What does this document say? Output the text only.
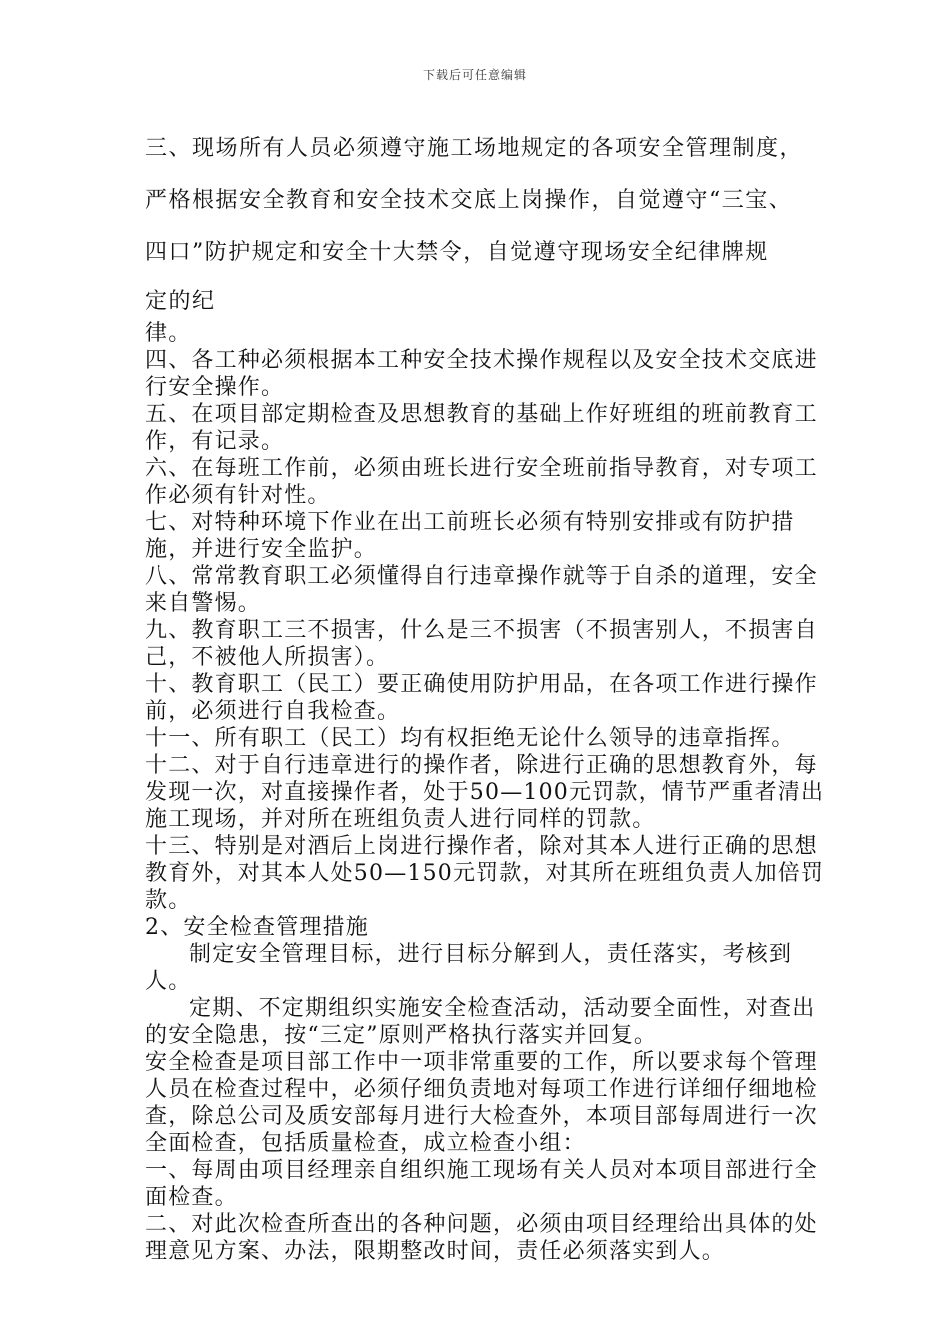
下载后可任意编辑

三、现场所有人员必须遵守施工场地规定的各项安全管理制度，

严格根据安全教育和安全技术交底上岗操作，自觉遵守“三宝、

四口”防护规定和安全十大禁令，自觉遵守现场安全纪律牌规

定的纪

律。

四、各工种必须根据本工种安全技术操作规程以及安全技术交底进行安全操作。

五、在项目部定期检查及思想教育的基础上作好班组的班前教育工作，有记录。

六、在每班工作前，必须由班长进行安全班前指导教育，对专项工作必须有针对性。

七、对特种环境下作业在出工前班长必须有特别安排或有防护措施，并进行安全监护。

八、常常教育职工必须懂得自行违章操作就等于自杀的道理，安全来自警惕。

九、教育职工三不损害，什么是三不损害（不损害别人，不损害自己，不被他人所损害）。

十、教育职工（民工）要正确使用防护用品，在各项工作进行操作前，必须进行自我检查。

十一、所有职工（民工）均有权拒绝无论什么领导的违章指挥。

十二、对于自行违章进行的操作者，除进行正确的思想教育外，每发现一次，对直接操作者，处于50—100元罚款，情节严重者清出施工现场，并对所在班组负责人进行同样的罚款。

十三、特别是对酒后上岗进行操作者，除对其本人进行正确的思想教育外，对其本人处50—150元罚款，对其所在班组负责人加倍罚款。

2、安全检查管理措施

制定安全管理目标，进行目标分解到人，责任落实，考核到人。

定期、不定期组织实施安全检查活动，活动要全面性，对查出的安全隐患，按“三定”原则严格执行落实并回复。

安全检查是项目部工作中一项非常重要的工作，所以要求每个管理人员在检查过程中，必须仔细负责地对每项工作进行详细仔细地检查，除总公司及质安部每月进行大检查外，本项目部每周进行一次全面检查，包括质量检查，成立检查小组：

一、每周由项目经理亲自组织施工现场有关人员对本项目部进行全面检查。

二、对此次检查所查出的各种问题，必须由项目经理给出具体的处理意见方案、办法，限期整改时间，责任必须落实到人。
